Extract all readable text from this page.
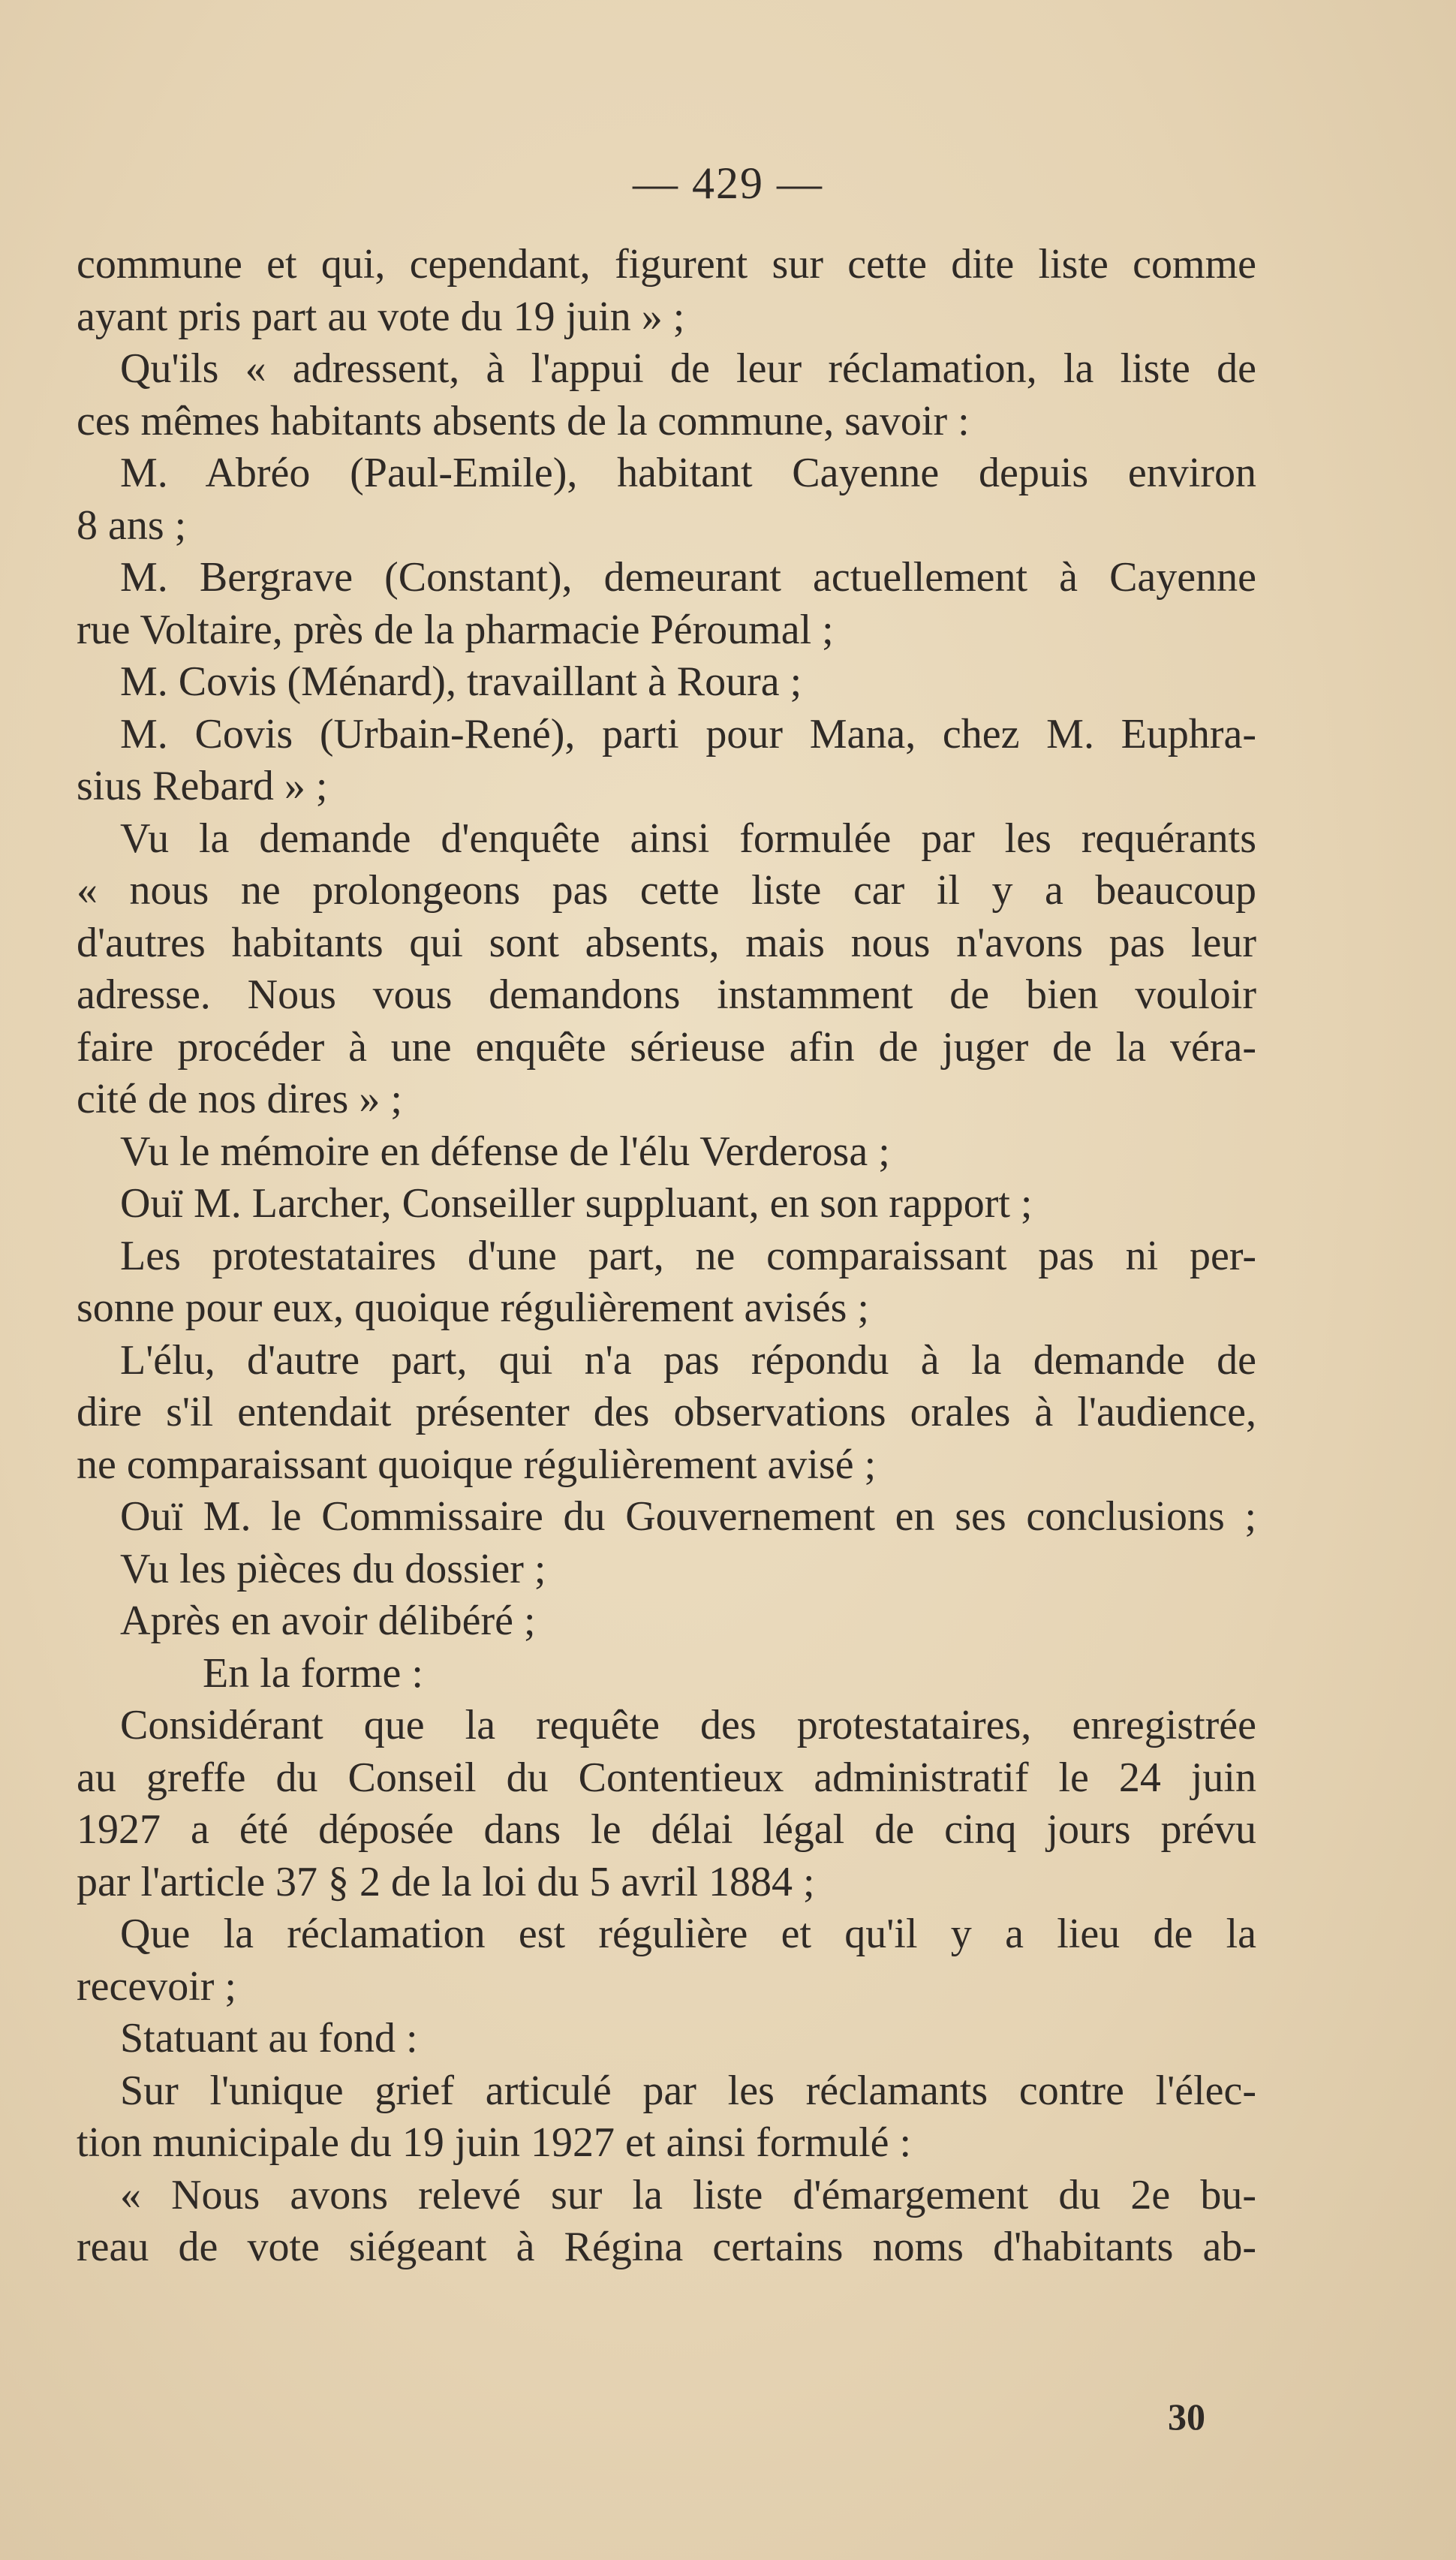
— 429 —
commune et qui, cependant, figurent sur cette dite liste comme
ayant pris part au vote du 19 juin » ;
Qu'ils « adressent, à l'appui de leur réclamation, la liste de
ces mêmes habitants absents de la commune, savoir :
M. Abréo (Paul-Emile), habitant Cayenne depuis environ
8 ans ;
M. Bergrave (Constant), demeurant actuellement à Cayenne
rue Voltaire, près de la pharmacie Péroumal ;
M. Covis (Ménard), travaillant à Roura ;
M. Covis (Urbain-René), parti pour Mana, chez M. Euphra-
sius Rebard » ;
Vu la demande d'enquête ainsi formulée par les requérants
« nous ne prolongeons pas cette liste car il y a beaucoup
d'autres habitants qui sont absents, mais nous n'avons pas leur
adresse. Nous vous demandons instamment de bien vouloir
faire procéder à une enquête sérieuse afin de juger de la véra-
cité de nos dires » ;
Vu le mémoire en défense de l'élu Verderosa ;
Ouï M. Larcher, Conseiller suppluant, en son rapport ;
Les protestataires d'une part, ne comparaissant pas ni per-
sonne pour eux, quoique régulièrement avisés ;
L'élu, d'autre part, qui n'a pas répondu à la demande de
dire s'il entendait présenter des observations orales à l'audience,
ne comparaissant quoique régulièrement avisé ;
Ouï M. le Commissaire du Gouvernement en ses conclusions ;
Vu les pièces du dossier ;
Après en avoir délibéré ;
En la forme :
Considérant que la requête des protestataires, enregistrée
au greffe du Conseil du Contentieux administratif le 24 juin
1927 a été déposée dans le délai légal de cinq jours prévu
par l'article 37 § 2 de la loi du 5 avril 1884 ;
Que la réclamation est régulière et qu'il y a lieu de la
recevoir ;
Statuant au fond :
Sur l'unique grief articulé par les réclamants contre l'élec-
tion municipale du 19 juin 1927 et ainsi formulé :
« Nous avons relevé sur la liste d'émargement du 2e bu-
reau de vote siégeant à Régina certains noms d'habitants ab-
30
